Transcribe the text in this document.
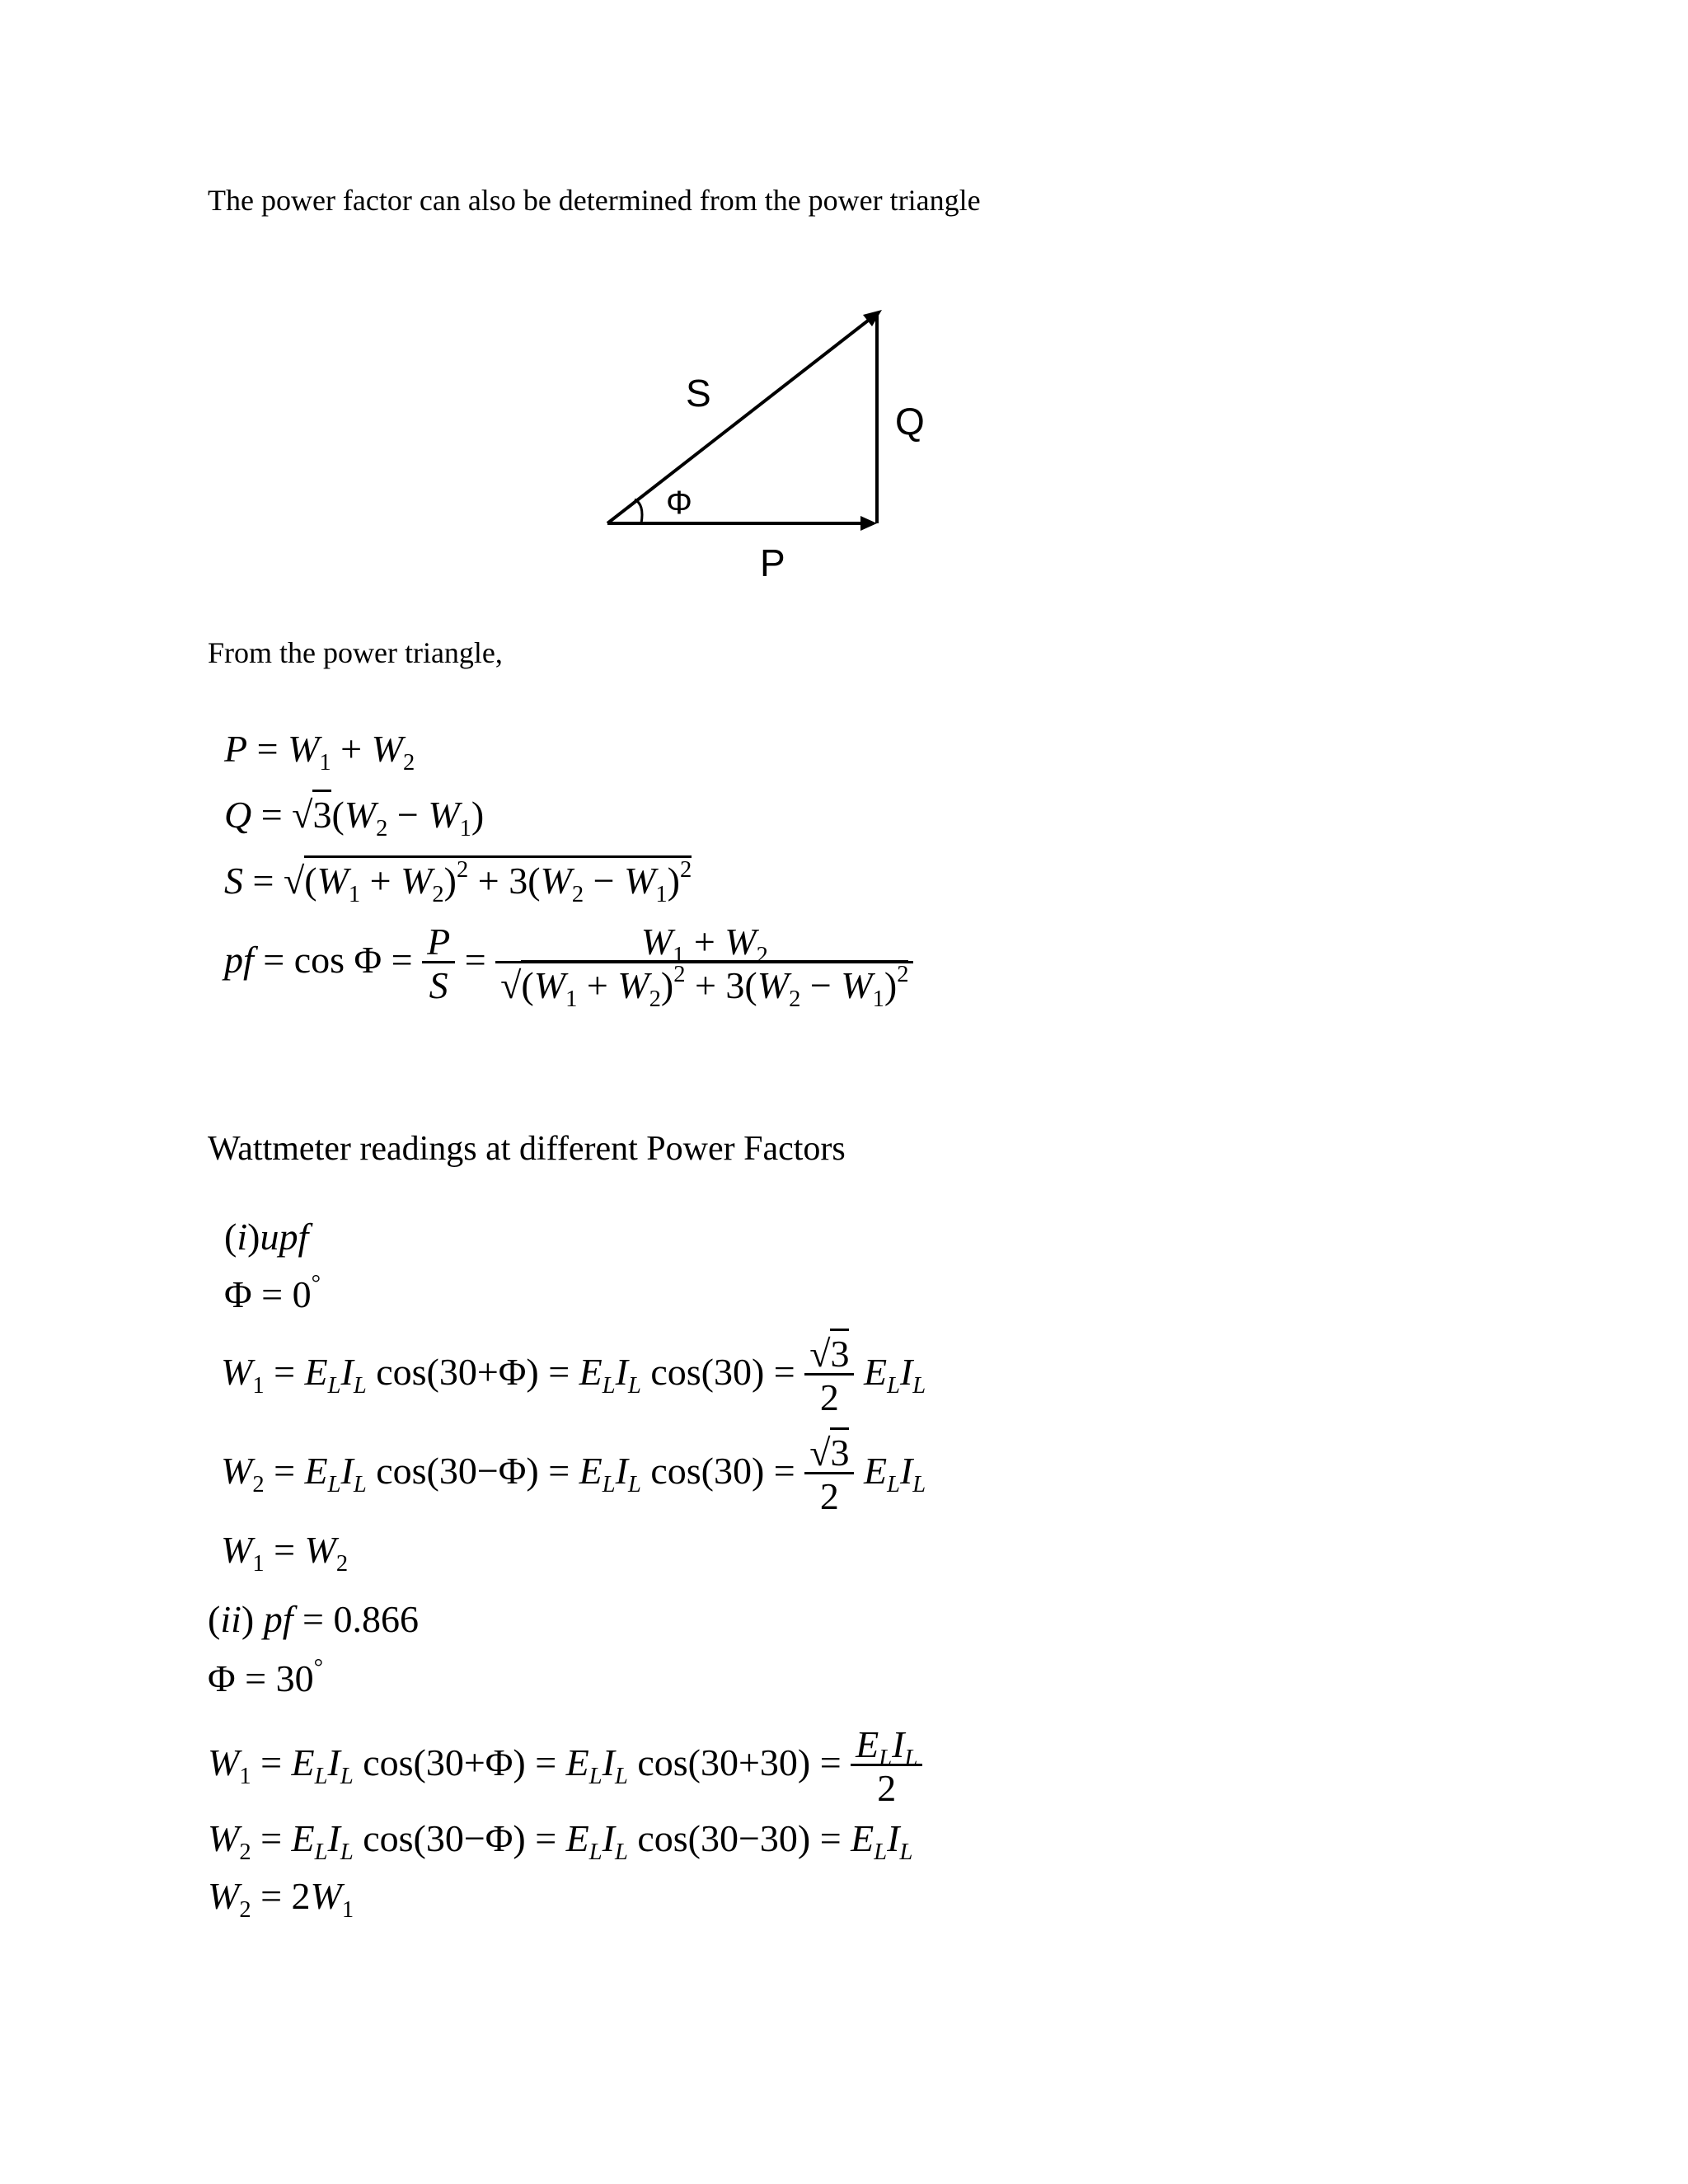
The power factor can also be determined from the power triangle
S
Q
P
Φ
From the power triangle,
$P = W_1 + W_2$
$Q = √3(W_2 - W_1)$
$S = √(W_1 + W_2)^2 + 3(W_2 - W_1)^2$
pf = $\cos \Phi = \frac{P}{S} = \frac{W_1 + W_2}{√(W_1 + W_2)^2 + 3(W_2 - W_1)^2}$
Wattmeter readings at different Power Factors
(i)upf
Φ = 0°
$W_1 = E_LI_L$ $\cos(30+\Phi) = E_LI_L$ $\cos(30) = \frac{√3}{2} E_LI_L$
$W_2 = E_LI_L$ $\cos(30-\Phi) = E_LI_L$ $\cos(30) = \frac{√3}{2} E_LI_L$
$W_1 = W_2$
(ii) pf = 0.866
Φ = 30°
$W_1 = E_LI_L$ $\cos(30+\Phi) = E_LI_L$ $\cos(30+30) = \frac{E_LI_L}{2}$
$W_2 = E_LI_L$ $\cos(30-\Phi) = E_LI_L$ $\cos(30-30) = E_LI_L$
$W_2 = 2W_1$
